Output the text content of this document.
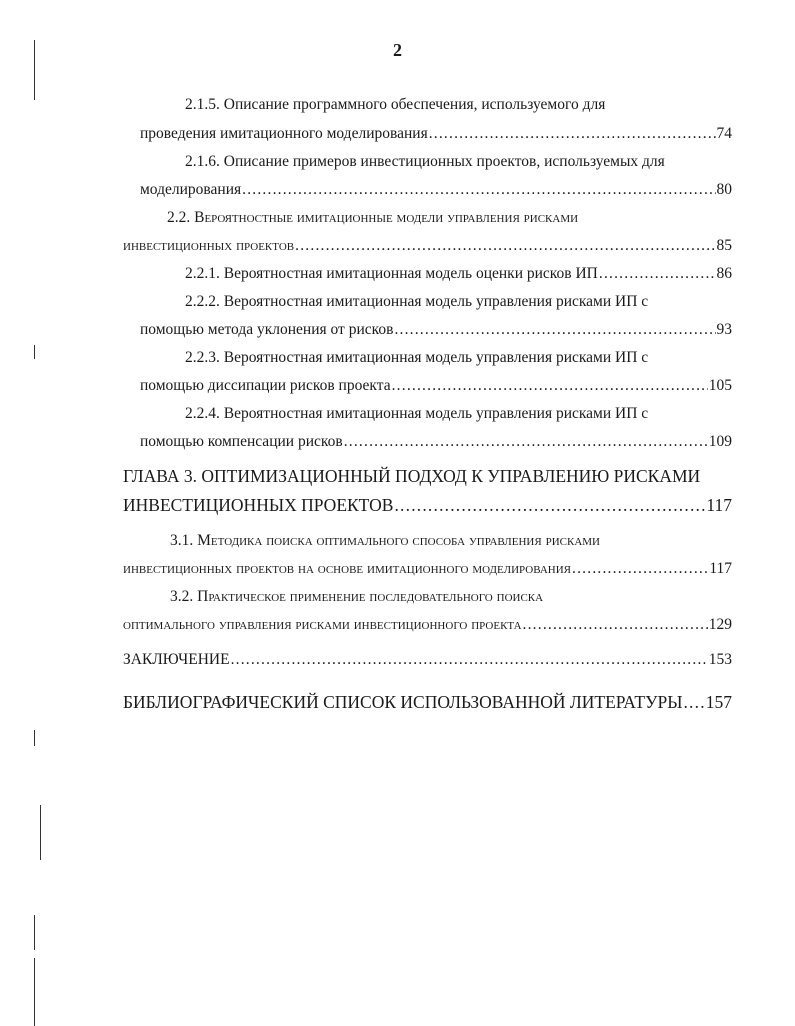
2
2.1.5. Описание программного обеспечения, используемого для
проведения имитационного моделирования .....	74
2.1.6. Описание примеров инвестиционных проектов, используемых для
моделирования .....	80
2.2. Вероятностные имитационные модели управления рисками
инвестиционных проектов .....	85
2.2.1. Вероятностная имитационная модель оценки рисков ИП .....	86
2.2.2. Вероятностная имитационная модель управления рисками ИП с
помощью метода уклонения от рисков .....	93
2.2.3. Вероятностная имитационная модель управления рисками ИП с
помощью диссипации рисков проекта .....	105
2.2.4. Вероятностная имитационная модель управления рисками ИП с
помощью компенсации рисков .....	109
ГЛАВА 3. ОПТИМИЗАЦИОННЫЙ ПОДХОД К УПРАВЛЕНИЮ РИСКАМИ
ИНВЕСТИЦИОННЫХ ПРОЕКТОВ .....	117
3.1. Методика поиска оптимального способа управления рисками
инвестиционных проектов на основе имитационного моделирования .....	117
3.2. Практическое применение последовательного поиска
оптимального управления рисками инвестиционного проекта .....	129
ЗАКЛЮЧЕНИЕ .....	153
БИБЛИОГРАФИЧЕСКИЙ СПИСОК ИСПОЛЬЗОВАННОЙ ЛИТЕРАТУРЫ ..... 157
